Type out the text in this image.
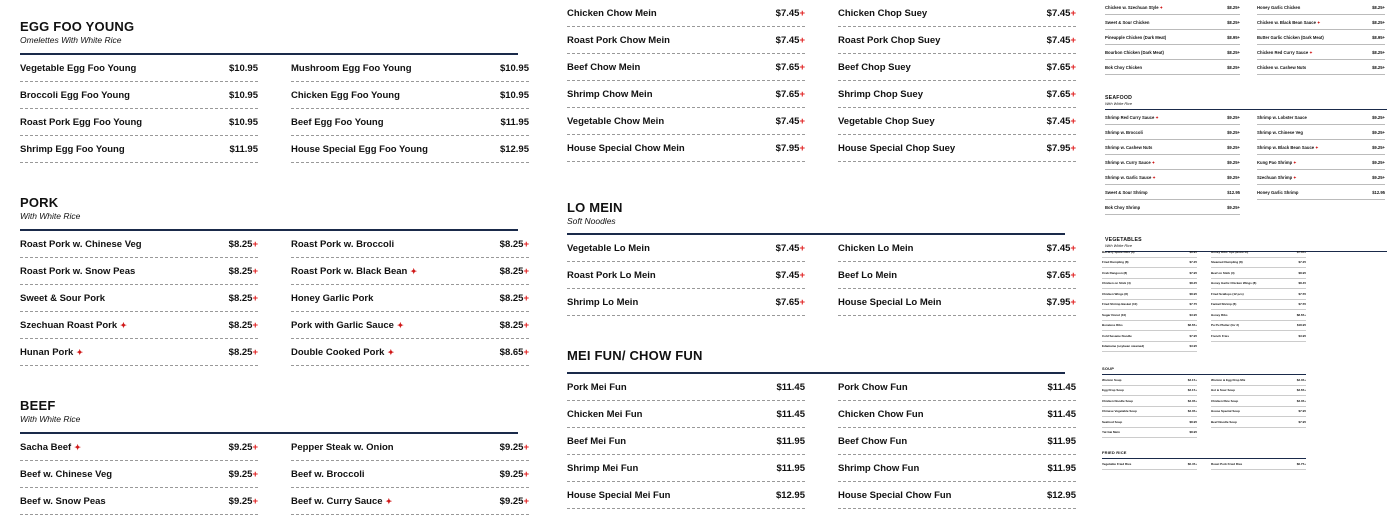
EGG FOO YOUNG
Omelettes With White Rice
Vegetable Egg Foo Young	$10.95	Mushroom Egg Foo Young	$10.95
Broccoli Egg Foo Young	$10.95	Chicken Egg Foo Young	$10.95
Roast Pork Egg Foo Young	$10.95	Beef Egg Foo Young	$11.95
Shrimp Egg Foo Young	$11.95	House Special Egg Foo Young	$12.95
PORK
With White Rice
Roast Pork w. Chinese Veg	$8.25+	Roast Pork w. Broccoli	$8.25+
Roast Pork w. Snow Peas	$8.25+	Roast Pork w. Black Bean ✦	$8.25+
Sweet & Sour Pork	$8.25+	Honey Garlic Pork	$8.25+
Szechuan Roast Pork ✦	$8.25+	Pork with Garlic Sauce ✦	$8.25+
Hunan Pork ✦	$8.25+	Double Cooked Pork ✦	$8.65+
BEEF
With White Rice
Sacha Beef ✦	$9.25+	Pepper Steak w. Onion	$9.25+
Beef w. Chinese Veg	$9.25+	Beef w. Broccoli	$9.25+
Beef w. Snow Peas	$9.25+	Beef w. Curry Sauce ✦	$9.25+
Chicken Chow Mein	$7.45+	Chicken Chop Suey	$7.45+
Roast Pork Chow Mein	$7.45+	Roast Pork Chop Suey	$7.45+
Beef Chow Mein	$7.65+	Beef Chop Suey	$7.65+
Shrimp Chow Mein	$7.65+	Shrimp Chop Suey	$7.65+
Vegetable Chow Mein	$7.45+	Vegetable Chop Suey	$7.45+
House Special Chow Mein	$7.95+	House Special Chop Suey	$7.95+
LO MEIN
Soft Noodles
Vegetable Lo Mein	$7.45+	Chicken Lo Mein	$7.45+
Roast Pork Lo Mein	$7.45+	Beef Lo Mein	$7.65+
Shrimp Lo Mein	$7.65+	House Special Lo Mein	$7.95+
MEI FUN/ CHOW FUN
Pork Mei Fun	$11.45	Pork Chow Fun	$11.45
Chicken Mei Fun	$11.45	Chicken Chow Fun	$11.45
Beef Mei Fun	$11.95	Beef Chow Fun	$11.95
Shrimp Mei Fun	$11.95	Shrimp Chow Fun	$11.95
House Special Mei Fun	$12.95	House Special Chow Fun	$12.95
Chicken w. Szechuan Style✦	$8.25+	Honey Garlic Chicken	$8.25+
Sweet & Sour Chicken	$8.25+	Chicken w. Black Bean Sauce✦	$8.25+
Pineapple Chicken (Dark Meat)	$8.95+	Butter Garlic Chicken (Dark Meat)	$8.95+
Bourbon Chicken (Dark Meat)	$8.25+	Chicken Red Curry Sauce✦	$8.25+
Bok Choy Chicken	$8.25+	Chicken w. Cashew Nuts	$8.25+
SEAFOOD
With White Rice
Shrimp Red Curry Sauce✦	$9.25+	Shrimp w. Lobster Sauce	$9.25+
Shrimp w. Broccoli	$9.25+	Shrimp w. Chinese Veg	$9.25+
Shrimp w. Cashew Nuts	$9.25+	Shrimp w. Black Bean Sauce✦	$9.25+
Shrimp w. Curry Sauce✦	$9.25+	Kung Pao Shrimp✦	$9.25+
Shrimp w. Garlic Sauce✦	$9.25+	Szechuan Shrimp✦	$9.25+
Sweet & Sour Shrimp	$12.95	Honey Garlic Shrimp	$12.95
Bok Choy Shrimp	$9.25+
VEGETABLES
With White Rice
Bar-B-Q Spare Ribs (6)	$8.95	Honey Ribs Tips (Bone in)	$7.65+
Fried Dumpling (8)	$7.25	Steamed Dumpling (8)	$7.25
Crab Rangoon (8)	$7.95	Beef on Stick (4)	$8.95
Chicken on Stick (4)	$8.25	Honey Garlic Chicken Wings (8)	$8.45
Chicken Wings (8)	$8.95	Fried Scallops (12 pcs)	$7.55
Fried Shrimp Basket (10)	$7.75	Fantail Shrimp (6)	$7.55
Sugar Donut (10)	$3.95	Honey Ribs	$8.65+
Boneless Ribs	$8.65+	Pu Pu Platter (for 2)	$18.95
Cold Sesame Noodle	$7.95	French Fries	$3.95
Edamame (soybean steamed)	$3.95
SOUP
Wonton Soup	$3.15+	Wonton & Egg Drop Mix	$3.35+
Egg Drop Soup	$3.15+	Hot & Sour Soup	$3.65+
Chicken Noodle Soup	$3.35+	Chicken Rice Soup	$3.35+
Chinese Vegetable Soup	$3.35+	House Special Soup	$7.95
Seafood Soup	$8.95	Beef Noodle Soup	$7.95
Yat Gai Mein	$8.95
FRIED RICE
Vegetable Fried Rice	$6.45+	Roast Pork Fried Rice	$6.75+
